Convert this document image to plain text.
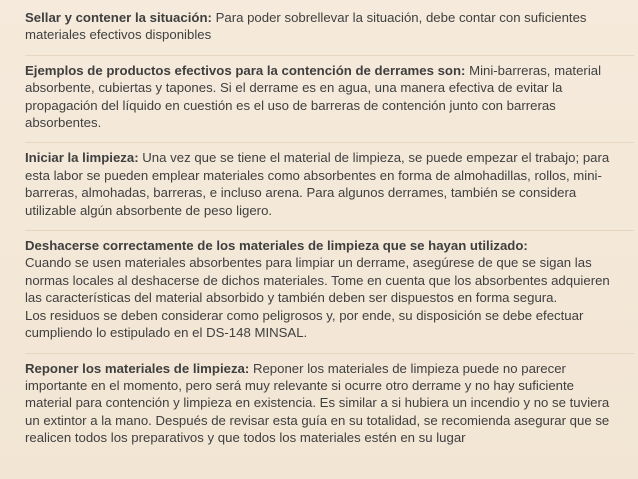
Sellar y contener la situación: Para poder sobrellevar la situación, debe contar con suficientes materiales efectivos disponibles

Ejemplos de productos efectivos para la contención de derrames son: Mini-barreras, material absorbente, cubiertas y tapones. Si el derrame es en agua, una manera efectiva de evitar la propagación del líquido en cuestión es el uso de barreras de contención junto con barreras absorbentes.

Iniciar la limpieza: Una vez que se tiene el material de limpieza, se puede empezar el trabajo; para esta labor se pueden emplear materiales como absorbentes en forma de almohadillas, rollos, mini-barreras, almohadas, barreras, e incluso arena. Para algunos derrames, también se considera utilizable algún absorbente de peso ligero.

Deshacerse correctamente de los materiales de limpieza que se hayan utilizado:
Cuando se usen materiales absorbentes para limpiar un derrame, asegúrese de que se sigan las normas locales al deshacerse de dichos materiales. Tome en cuenta que los absorbentes adquieren las características del material absorbido y también deben ser dispuestos en forma segura.
Los residuos se deben considerar como peligrosos y, por ende, su disposición se debe efectuar cumpliendo lo estipulado en el DS-148 MINSAL.

Reponer los materiales de limpieza: Reponer los materiales de limpieza puede no parecer importante en el momento, pero será muy relevante si ocurre otro derrame y no hay suficiente material para contención y limpieza en existencia. Es similar a si hubiera un incendio y no se tuviera un extintor a la mano. Después de revisar esta guía en su totalidad, se recomienda asegurar que se realicen todos los preparativos y que todos los materiales estén en su lugar
